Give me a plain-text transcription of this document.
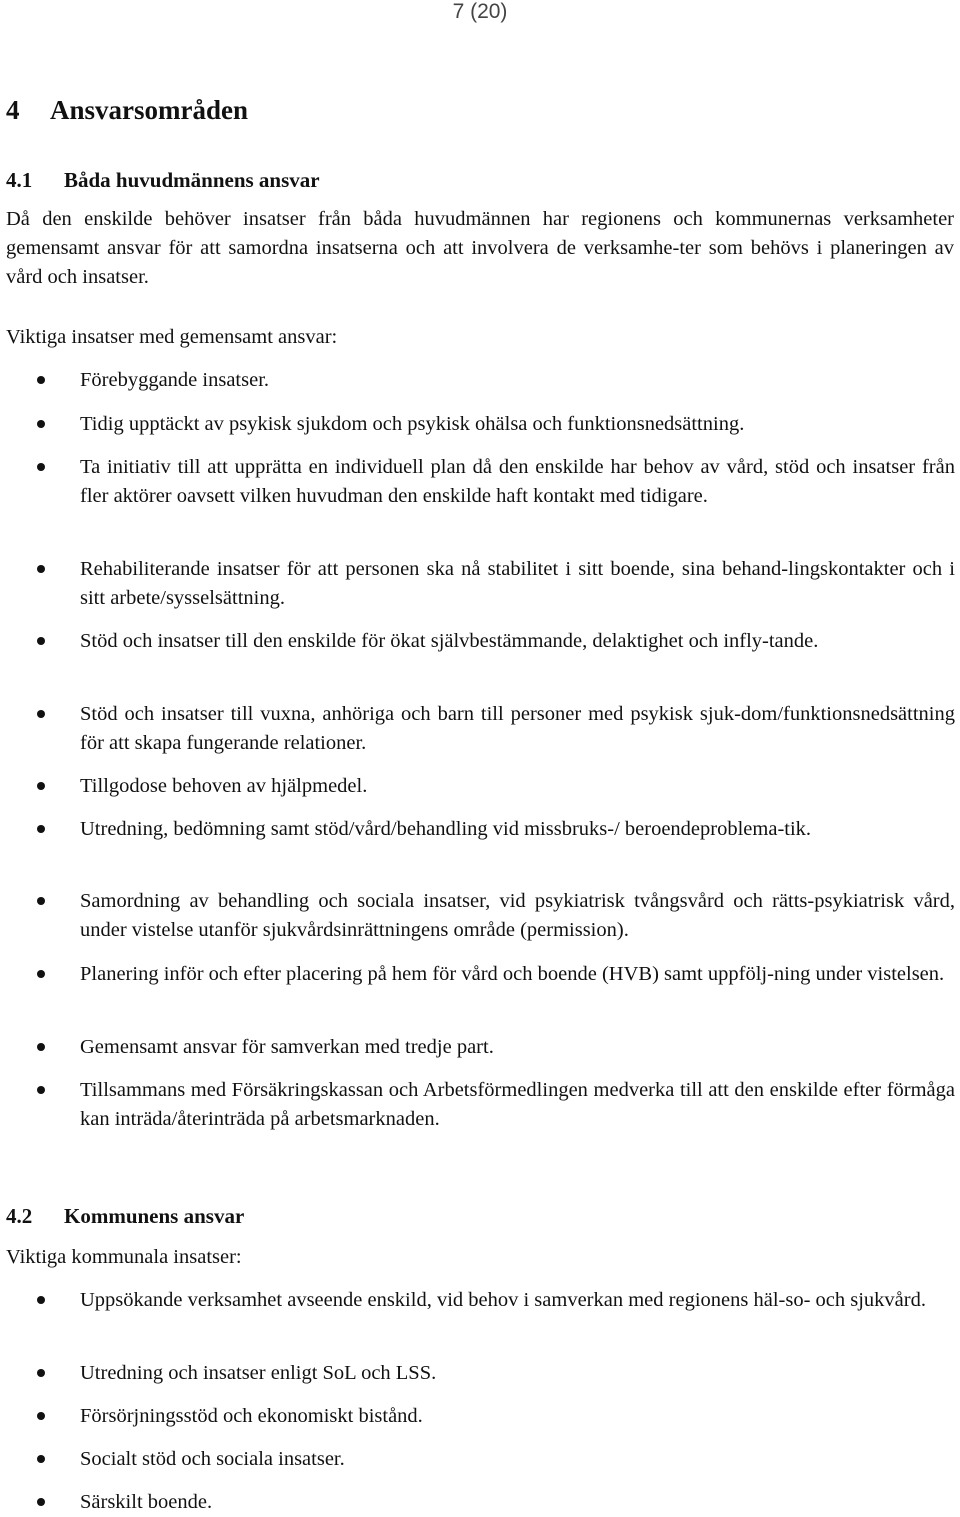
7 (20)
4 Ansvarsområden
4.1 Båda huvudmännens ansvar
Då den enskilde behöver insatser från båda huvudmännen har regionens och kommunernas verksamheter gemensamt ansvar för att samordna insatserna och att involvera de verksamhe-ter som behövs i planeringen av vård och insatser.
Viktiga insatser med gemensamt ansvar:
Förebyggande insatser.
Tidig upptäckt av psykisk sjukdom och psykisk ohälsa och funktionsnedsättning.
Ta initiativ till att upprätta en individuell plan då den enskilde har behov av vård, stöd och insatser från fler aktörer oavsett vilken huvudman den enskilde haft kontakt med tidigare.
Rehabiliterande insatser för att personen ska nå stabilitet i sitt boende, sina behand-lingskontakter och i sitt arbete/sysselsättning.
Stöd och insatser till den enskilde för ökat självbestämmande, delaktighet och infly-tande.
Stöd och insatser till vuxna, anhöriga och barn till personer med psykisk sjuk-dom/funktionsnedsättning för att skapa fungerande relationer.
Tillgodose behoven av hjälpmedel.
Utredning, bedömning samt stöd/vård/behandling vid missbruks-/ beroendeproblema-tik.
Samordning av behandling och sociala insatser, vid psykiatrisk tvångsvård och rätts-psykiatrisk vård, under vistelse utanför sjukvårdsinrättningens område (permission).
Planering inför och efter placering på hem för vård och boende (HVB) samt uppfölj-ning under vistelsen.
Gemensamt ansvar för samverkan med tredje part.
Tillsammans med Försäkringskassan och Arbetsförmedlingen medverka till att den enskilde efter förmåga kan inträda/återinträda på arbetsmarknaden.
4.2 Kommunens ansvar
Viktiga kommunala insatser:
Uppsökande verksamhet avseende enskild, vid behov i samverkan med regionens häl-so- och sjukvård.
Utredning och insatser enligt SoL och LSS.
Försörjningsstöd och ekonomiskt bistånd.
Socialt stöd och sociala insatser.
Särskilt boende.
